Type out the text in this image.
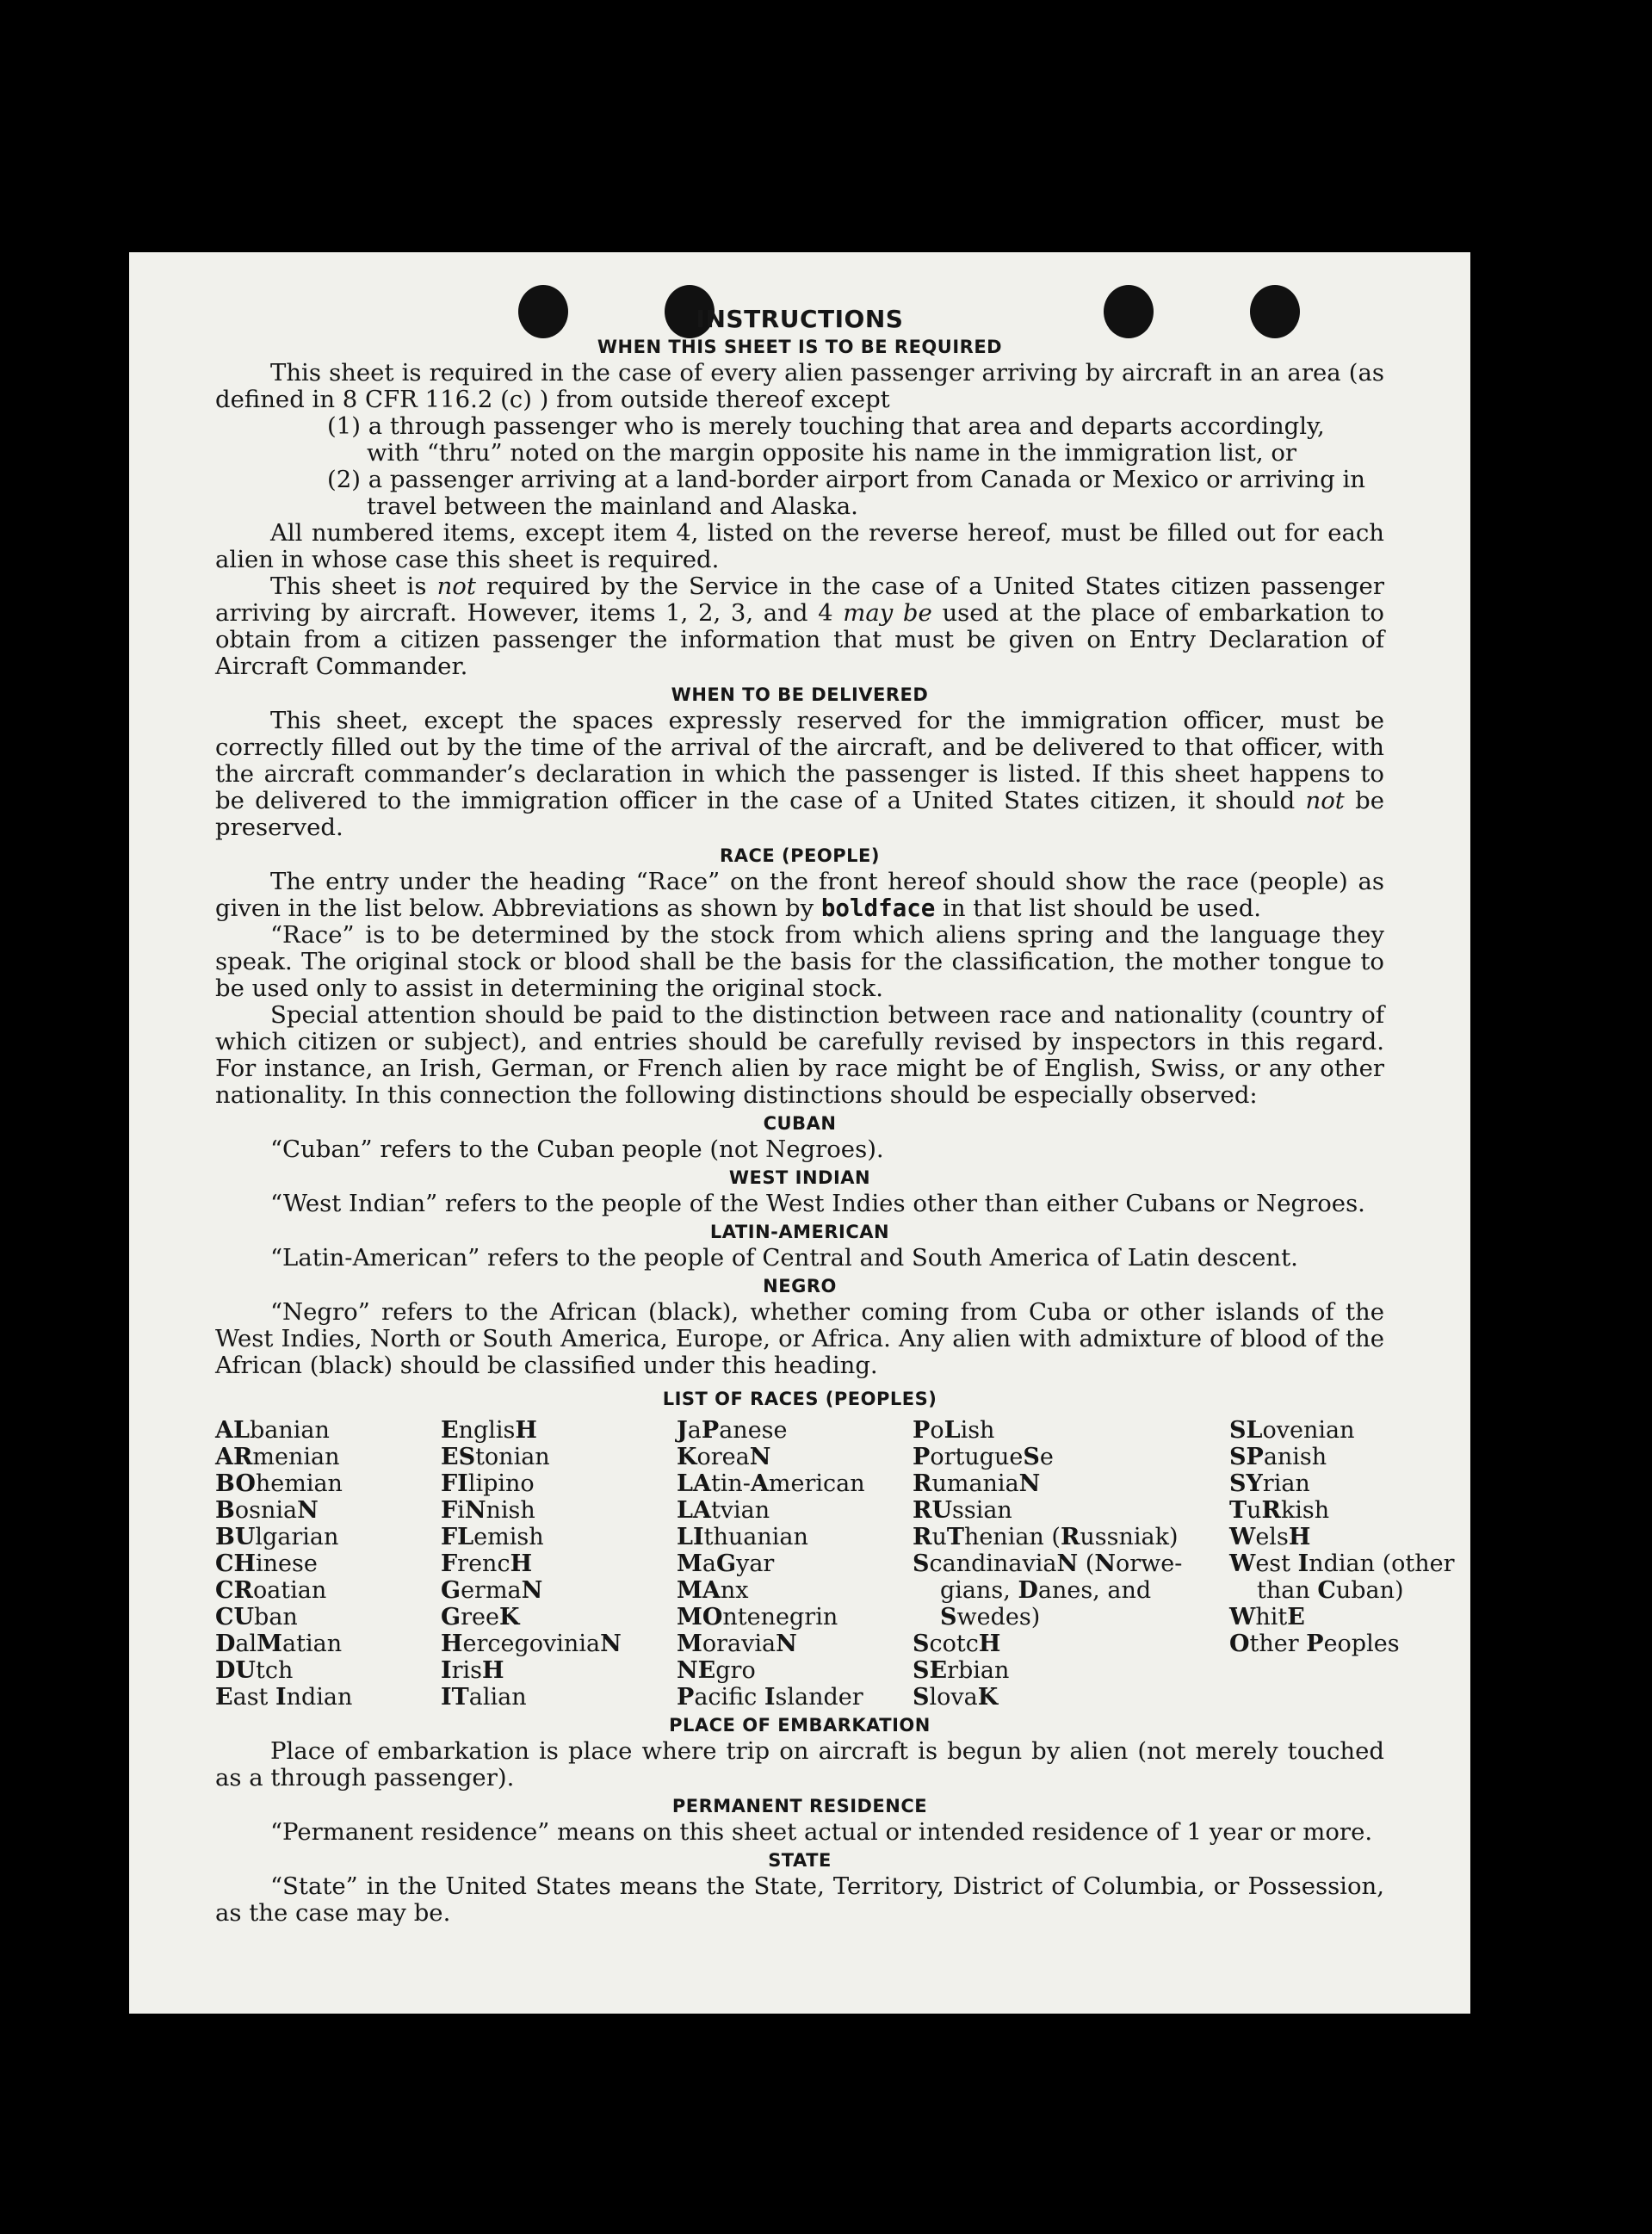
INSTRUCTIONS
WHEN THIS SHEET IS TO BE REQUIRED

This sheet is required in the case of every alien passenger arriving by aircraft in an area (as defined in 8 CFR 116.2 (c) ) from outside thereof except

(1) a through passenger who is merely touching that area and departs accordingly, with “thru” noted on the margin opposite his name in the immigration list, or
(2) a passenger arriving at a land-border airport from Canada or Mexico or arriving in travel between the mainland and Alaska.

All numbered items, except item 4, listed on the reverse hereof, must be filled out for each alien in whose case this sheet is required.

This sheet is not required by the Service in the case of a United States citizen passenger arriving by aircraft. However, items 1, 2, 3, and 4 may be used at the place of embarkation to obtain from a citizen passenger the information that must be given on Entry Declaration of Aircraft Commander.

WHEN TO BE DELIVERED

This sheet, except the spaces expressly reserved for the immigration officer, must be correctly filled out by the time of the arrival of the aircraft, and be delivered to that officer, with the aircraft commander’s declaration in which the passenger is listed. If this sheet happens to be delivered to the immigration officer in the case of a United States citizen, it should not be preserved.

RACE (PEOPLE)

The entry under the heading “Race” on the front hereof should show the race (people) as given in the list below. Abbreviations as shown by boldface in that list should be used.

“Race” is to be determined by the stock from which aliens spring and the language they speak. The original stock or blood shall be the basis for the classification, the mother tongue to be used only to assist in determining the original stock.

Special attention should be paid to the distinction between race and nationality (country of which citizen or subject), and entries should be carefully revised by inspectors in this regard. For instance, an Irish, German, or French alien by race might be of English, Swiss, or any other nationality. In this connection the following distinctions should be especially observed:

CUBAN

“Cuban” refers to the Cuban people (not Negroes).

WEST INDIAN

“West Indian” refers to the people of the West Indies other than either Cubans or Negroes.

LATIN-AMERICAN

“Latin-American” refers to the people of Central and South America of Latin descent.

NEGRO

“Negro” refers to the African (black), whether coming from Cuba or other islands of the West Indies, North or South America, Europe, or Africa. Any alien with admixture of blood of the African (black) should be classified under this heading.

LIST OF RACES (PEOPLES)
ALbanian
ARmenian
BOhemian
BosniaN
BUlgarian
CHinese
CRoatian
CUban
DalMatian
DUtch
East Indian
EnglisH
EStonian
FIlipino
FiNnish
FLemish
FrencH
GermaN
GreeK
HercegovinіaN
IrisH
ITalian
JaPanese
KoreaN
LAtin-American
LAtvian
LIthuanian
MaGyar
MAnx
MOntenegrin
MoraviaN
NEgro
Pacific Islander
PoLish
PortugueSe
RumaniaN
RUssian
RuThenian (Russniak)
ScandinaviaN (Norwe-
gians, Danes, and
Swedes)
ScotcH
SErbian
SlovaK
SLovenian
SPanish
SYrian
TuRkish
WelsH
West Indian (other
than Cuban)
WhitE
Other Peoples
PLACE OF EMBARKATION

Place of embarkation is place where trip on aircraft is begun by alien (not merely touched as a through passenger).

PERMANENT RESIDENCE

“Permanent residence” means on this sheet actual or intended residence of 1 year or more.

STATE

“State” in the United States means the State, Territory, District of Columbia, or Possession, as the case may be.
